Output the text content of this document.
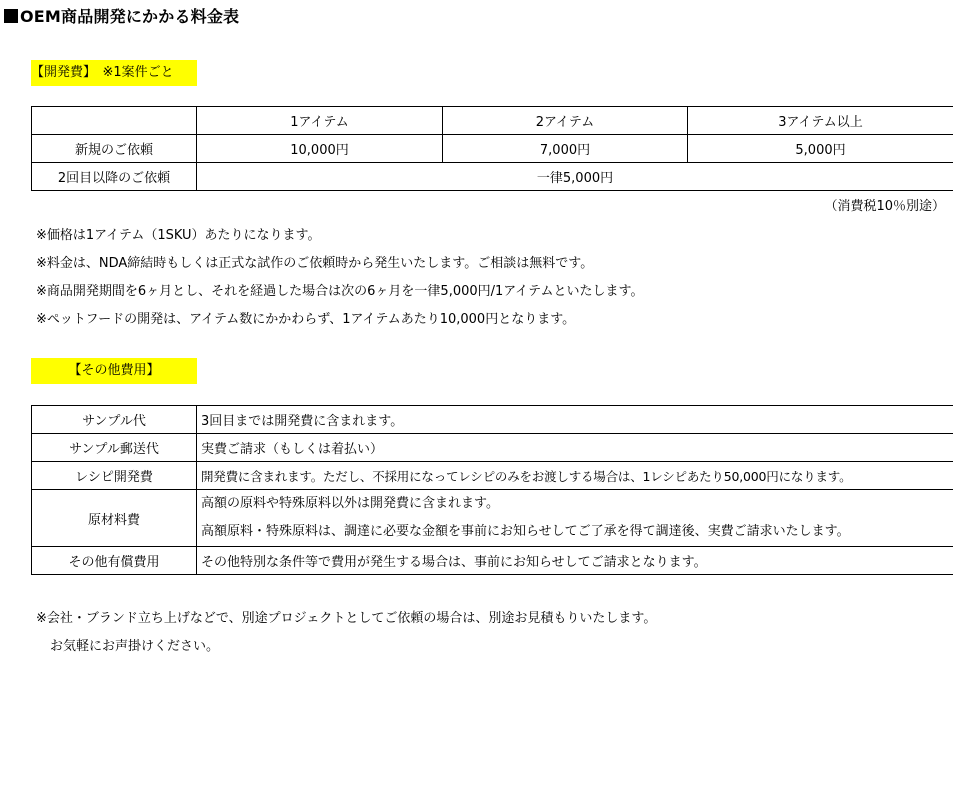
OEM商品開発にかかる料金表
【開発費】　※1案件ごと
	1アイテム	2アイテム	3アイテム以上
新規のご依頼	10,000円	7,000円	5,000円
2回目以降のご依頼	一律5,000円		
（消費税10％別途）
※価格は1アイテム（1SKU）あたりになります。
※料金は、NDA締結時もしくは正式な試作のご依頼時から発生いたします。ご相談は無料です。
※商品開発期間を6ヶ月とし、それを経過した場合は次の6ヶ月を一律5,000円/1アイテムといたします。
※ペットフードの開発は、アイテム数にかかわらず、1アイテムあたり10,000円となります。
【その他費用】
サンプル代	3回目までは開発費に含まれます。
サンプル郵送代	実費ご請求（もしくは着払い）
レシピ開発費	開発費に含まれます。ただし、不採用になってレシピのみをお渡しする場合は、1レシピあたり50,000円になります。
原材料費	高額の原料や特殊原料以外は開発費に含まれます。
高額原料・特殊原料は、調達に必要な金額を事前にお知らせしてご了承を得て調達後、実費ご請求いたします。

その他有償費用	その他特別な条件等で費用が発生する場合は、事前にお知らせしてご請求となります。
※会社・ブランド立ち上げなどで、別途プロジェクトとしてご依頼の場合は、別途お見積もりいたします。
お気軽にお声掛けください。
